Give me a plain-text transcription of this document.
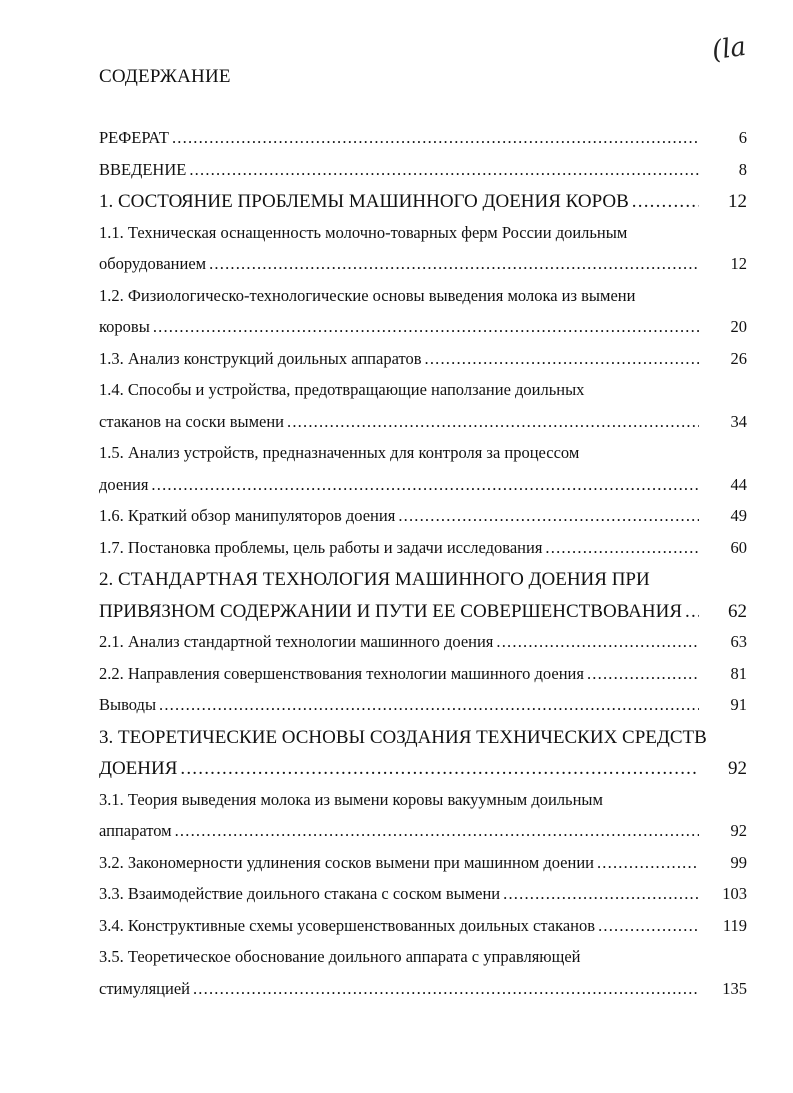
(la
СОДЕРЖАНИЕ
РЕФЕРАТ .....	6
ВВЕДЕНИЕ .....	8
1. СОСТОЯНИЕ ПРОБЛЕМЫ МАШИННОГО ДОЕНИЯ КОРОВ .....	12
1.1. Техническая оснащенность молочно-товарных ферм России доильным
оборудованием .....	12
1.2. Физиологическо-технологические основы выведения молока из вымени
коровы .....	20
1.3. Анализ конструкций доильных аппаратов .....	26
1.4. Способы и устройства, предотвращающие наползание доильных
стаканов на соски вымени .....	34
1.5. Анализ устройств, предназначенных для контроля за процессом
доения .....	44
1.6. Краткий обзор манипуляторов доения .....	49
1.7. Постановка проблемы, цель работы и задачи исследования .....	60
2. СТАНДАРТНАЯ ТЕХНОЛОГИЯ МАШИННОГО ДОЕНИЯ ПРИ
ПРИВЯЗНОМ СОДЕРЖАНИИ И ПУТИ ЕЕ СОВЕРШЕНСТВОВАНИЯ .....	62
2.1. Анализ стандартной технологии машинного доения .....	63
2.2. Направления совершенствования технологии машинного доения .....	81
Выводы .....	91
3. ТЕОРЕТИЧЕСКИЕ ОСНОВЫ СОЗДАНИЯ ТЕХНИЧЕСКИХ СРЕДСТВ
ДОЕНИЯ .....	92
3.1. Теория выведения молока из вымени коровы вакуумным доильным
аппаратом .....	92
3.2. Закономерности удлинения сосков вымени при машинном доении .....	99
3.3. Взаимодействие доильного стакана с соском вымени .....	103
3.4. Конструктивные схемы усовершенствованных доильных стаканов .....	119
3.5. Теоретическое обоснование доильного аппарата с управляющей
стимуляцией .....	135
